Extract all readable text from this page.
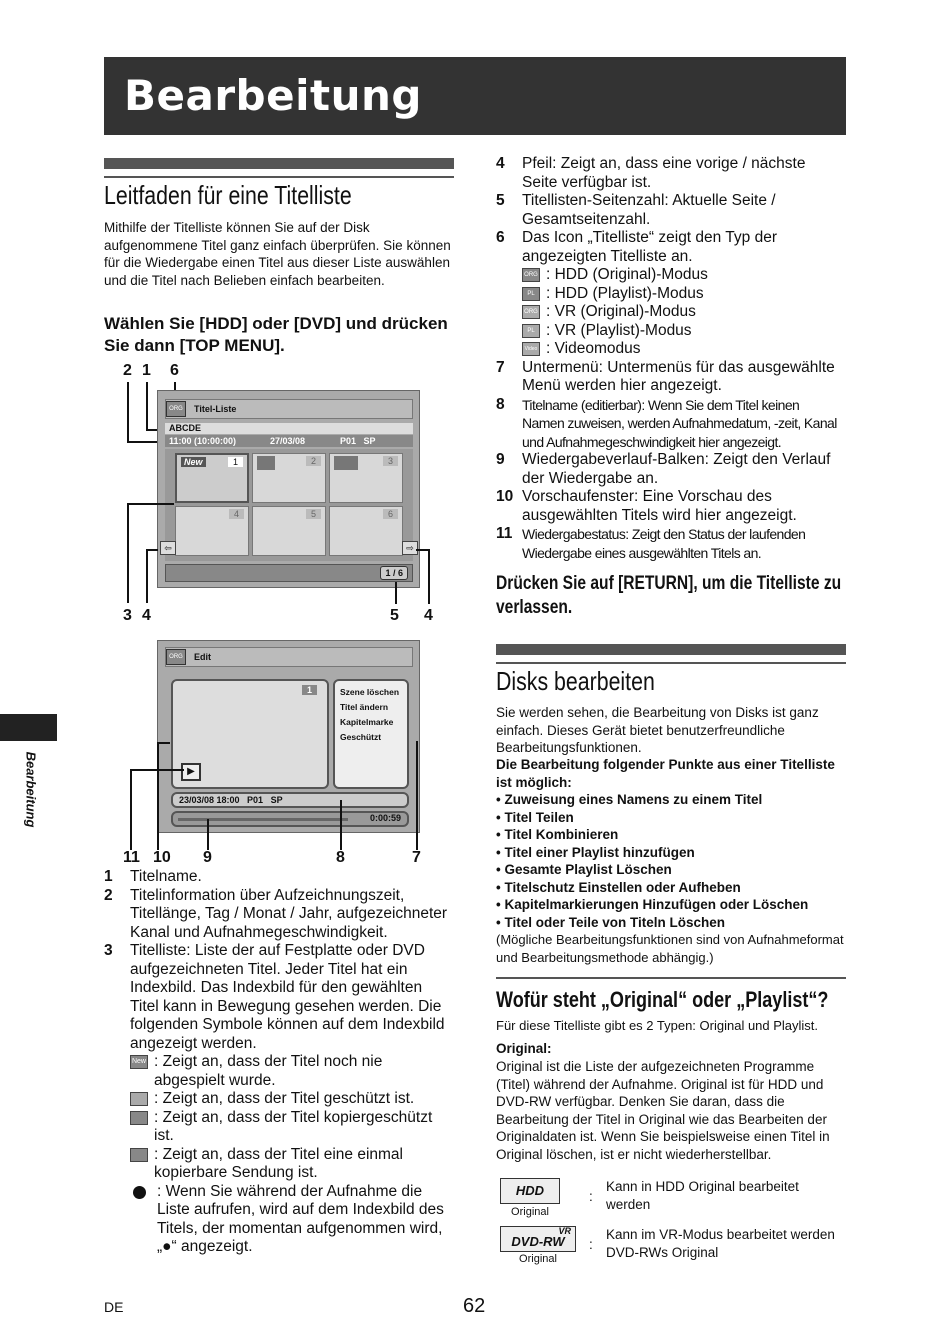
Bearbeitung
Bearbeitung
Leitfaden für eine Titelliste
Mithilfe der Titelliste können Sie auf der Disk aufgenommene Titel ganz einfach überprüfen. Sie können für die Wiedergabe einen Titel aus dieser Liste auswählen und die Titel nach Belieben einfach bearbeiten.
Wählen Sie [HDD] oder [DVD] und drücken Sie dann [TOP MENU].
2 1 6
Titel-Liste
ORG
ABCDE
11:00 (10:00:00)	27/03/08	P01   SP
New	1	2	3
4	5	6
⇦	⇨
1 / 6
3 4	5 4
Edit
ORG
1
▶
Szene löschen
Titel ändern
Kapitelmarke
Geschützt
23/03/08 18:00   P01   SP
0:00:59
11 10 9	8	7
1	Titelname.
2	Titelinformation über Aufzeichnungszeit, Titellänge, Tag / Monat / Jahr, aufgezeichneter Kanal und Aufnahmegeschwindigkeit.
3	Titelliste: Liste der auf Festplatte oder DVD aufgezeichneten Titel. Jeder Titel hat ein Indexbild. Das Indexbild für den gewählten Titel kann in Bewegung gesehen werden. Die folgenden Symbole können auf dem Indexbild angezeigt werden.
New : Zeigt an, dass der Titel noch nie abgespielt wurde.
: Zeigt an, dass der Titel geschützt ist.
: Zeigt an, dass der Titel kopiergeschützt ist.
: Zeigt an, dass der Titel eine einmal kopierbare Sendung ist.
: Wenn Sie während der Aufnahme die Liste aufrufen, wird auf dem Indexbild des Titels, der momentan aufgenommen wird, „●“ angezeigt.
4	Pfeil: Zeigt an, dass eine vorige / nächste Seite verfügbar ist.
5	Titellisten-Seitenzahl: Aktuelle Seite / Gesamtseitenzahl.
6	Das Icon „Titelliste“ zeigt den Typ der angezeigten Titelliste an.
ORG : HDD (Original)-Modus
PL : HDD (Playlist)-Modus
ORG : VR (Original)-Modus
PL : VR (Playlist)-Modus
Video : Videomodus
7	Untermenü: Untermenüs für das ausgewählte Menü werden hier angezeigt.
8	Titelname (editierbar): Wenn Sie dem Titel keinen Namen zuweisen, werden Aufnahmedatum, -zeit, Kanal und Aufnahmegeschwindigkeit hier angezeigt.
9	Wiedergabeverlauf-Balken: Zeigt den Verlauf der Wiedergabe an.
10 Vorschaufenster: Eine Vorschau des ausgewählten Titels wird hier angezeigt.
11 Wiedergabestatus: Zeigt den Status der laufenden Wiedergabe eines ausgewählten Titels an.
Drücken Sie auf [RETURN], um die Titelliste zu verlassen.
Disks bearbeiten
Sie werden sehen, die Bearbeitung von Disks ist ganz einfach. Dieses Gerät bietet benutzerfreundliche Bearbeitungsfunktionen.
Die Bearbeitung folgender Punkte aus einer Titelliste ist möglich:
• Zuweisung eines Namens zu einem Titel
• Titel Teilen
• Titel Kombinieren
• Titel einer Playlist hinzufügen
• Gesamte Playlist Löschen
• Titelschutz Einstellen oder Aufheben
• Kapitelmarkierungen Hinzufügen oder Löschen
• Titel oder Teile von Titeln Löschen
(Mögliche Bearbeitungsfunktionen sind von Aufnahmeformat und Bearbeitungsmethode abhängig.)
Wofür steht „Original“ oder „Playlist“?
Für diese Titelliste gibt es 2 Typen: Original und Playlist.
Original:
Original ist die Liste der aufgezeichneten Programme (Titel) während der Aufnahme. Original ist für HDD und DVD-RW verfügbar. Denken Sie daran, dass die Bearbeitung der Titel in Original wie das Bearbeiten der Originaldaten ist. Wenn Sie beispielsweise einen Titel in Original löschen, ist er nicht wiederherstellbar.
HDD
Original
:
Kann in HDD Original bearbeitet werden
VR
DVD-RW
Original
:
Kann im VR-Modus bearbeitet werden DVD-RWs Original
DE	62
